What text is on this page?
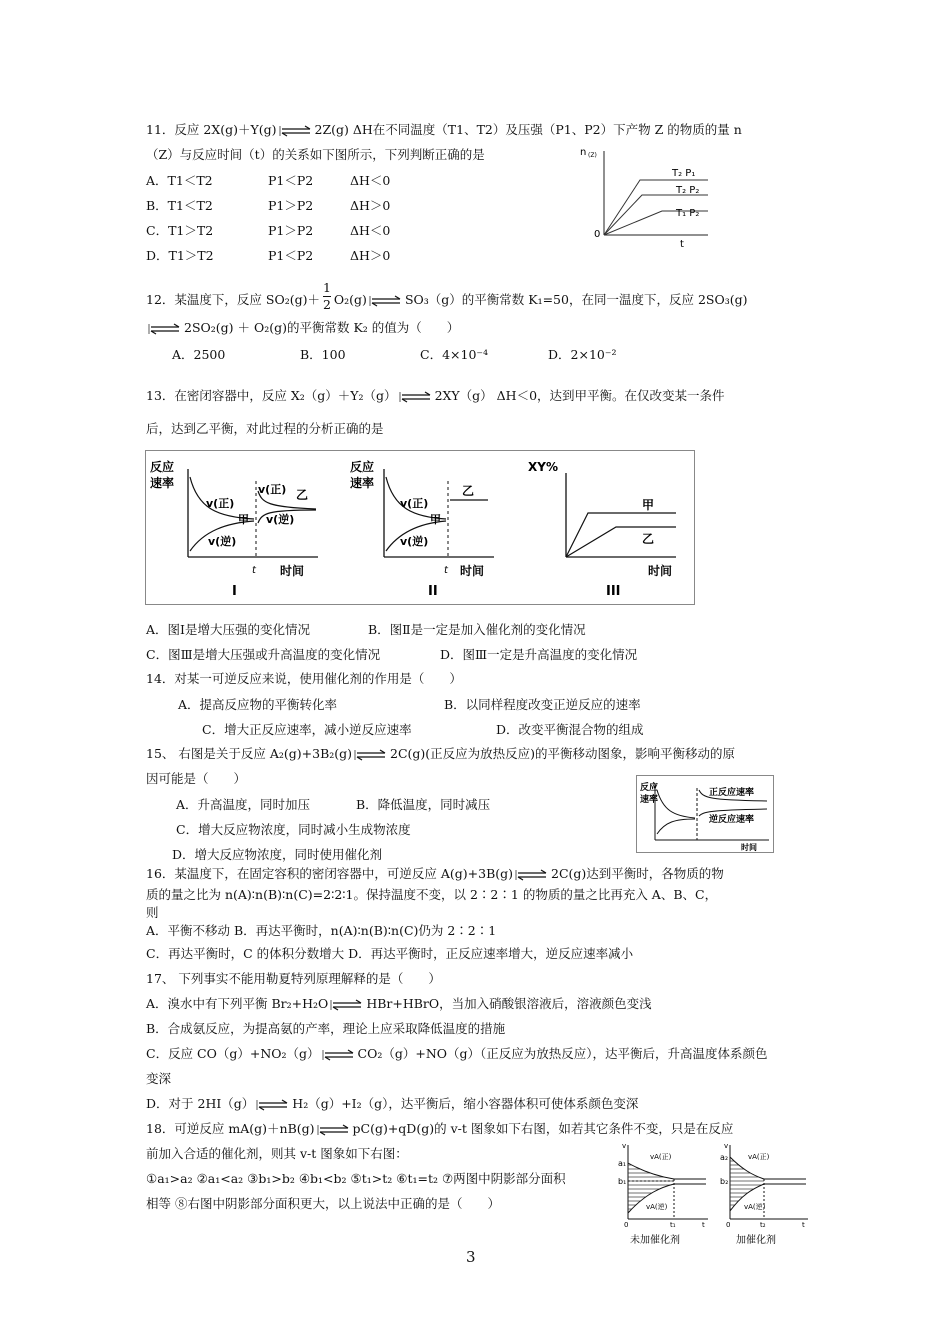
11．反应 2X(g)＋Y(g)	2Z(g) ΔH在不同温度（T1、T2）及压强（P1、P2）下产物 Z 的物质的量 n
（Z）与反应时间（t）的关系如下图所示，下列判断正确的是
A．T1＜T2	P1＜P2	ΔH＜0
B．T1＜T2	P1＞P2	ΔH＞0
C．T1＞T2	P1＞P2	ΔH＜0
D．T1＞T2	P1＜P2	ΔH＞0
n (Z)
0
t
T₂ P₁
T₂ P₂
T₁ P₂
12．某温度下，反应 $SO_2(g)+ \frac{1}{2} O_2(g)$	SO₃（g）的平衡常数 K₁=50，在同一温度下，反应 2SO₃(g)
2SO₂(g) ＋ O₂(g)的平衡常数 K₂ 的值为（　　）
A．2500	B．100	C．4×10⁻⁴	D．2×10⁻²
13．在密闭容器中，反应 X₂（g）＋Y₂（g）	2XY（g） ΔH＜0，达到甲平衡。在仅改变某一条件
后，达到乙平衡，对此过程的分析正确的是
反应
速率
v(正)
v(逆)
甲
v(正)
v(逆)
乙
t 时间
I
反应
速率
v(正)
v(逆)
甲
乙
t 时间
II
XY%
甲
乙
时间
III
A．图Ⅰ是增大压强的变化情况	B．图Ⅱ是一定是加入催化剂的变化情况
C．图Ⅲ是增大压强或升高温度的变化情况	D．图Ⅲ一定是升高温度的变化情况
14．对某一可逆反应来说，使用催化剂的作用是（　　）
A．提高反应物的平衡转化率	B．以同样程度改变正逆反应的速率
C．增大正反应速率，减小逆反应速率	D．改变平衡混合物的组成
15、 右图是关于反应 A₂(g)+3B₂(g)	2C(g)(正反应为放热反应)的平衡移动图象，影响平衡移动的原
因可能是（　　）
A．升高温度，同时加压	B．降低温度，同时减压
C．增大反应物浓度，同时减小生成物浓度
D．增大反应物浓度，同时使用催化剂
反应
速率
正反应速率
逆反应速率
时间
16．某温度下，在固定容积的密闭容器中，可逆反应 A(g)+3B(g)	2C(g)达到平衡时，各物质的物
质的量之比为 n(A)∶n(B)∶n(C)=2∶2∶1。保持温度不变，以 2∶2∶1 的物质的量之比再充入 A、B、C，
则
A．平衡不移动 B．再达平衡时，n(A)∶n(B)∶n(C)仍为 2∶2∶1
C．再达平衡时，C 的体积分数增大 D．再达平衡时，正反应速率增大，逆反应速率减小
17、 下列事实不能用勒夏特列原理解释的是（　　）
A．溴水中有下列平衡 Br₂+H₂O	HBr+HBrO，当加入硝酸银溶液后，溶液颜色变浅
B．合成氨反应，为提高氨的产率，理论上应采取降低温度的措施
C．反应 CO（g）+NO₂（g）	CO₂（g）+NO（g）（正反应为放热反应），达平衡后，升高温度体系颜色
变深
D．对于 2HI（g）	H₂（g）+I₂（g），达平衡后，缩小容器体积可使体系颜色变深
18．可逆反应 mA(g)＋nB(g)	pC(g)+qD(g)的 v-t 图象如下右图，如若其它条件不变，只是在反应
前加入合适的催化剂，则其 v-t 图象如下右图：
①a₁>a₂ ②a₁<a₂ ③b₁>b₂ ④b₁<b₂ ⑤t₁>t₂ ⑥t₁=t₂ ⑦两图中阴影部分面积
相等 ⑧右图中阴影部分面积更大，以上说法中正确的是（　　）
v
a₁
b₁
vA(正)
vA(逆)
0	t₁	t
未加催化剂
v
a₂
b₂
vA(正)
vA(逆)
0	t₂	t
加催化剂
3
